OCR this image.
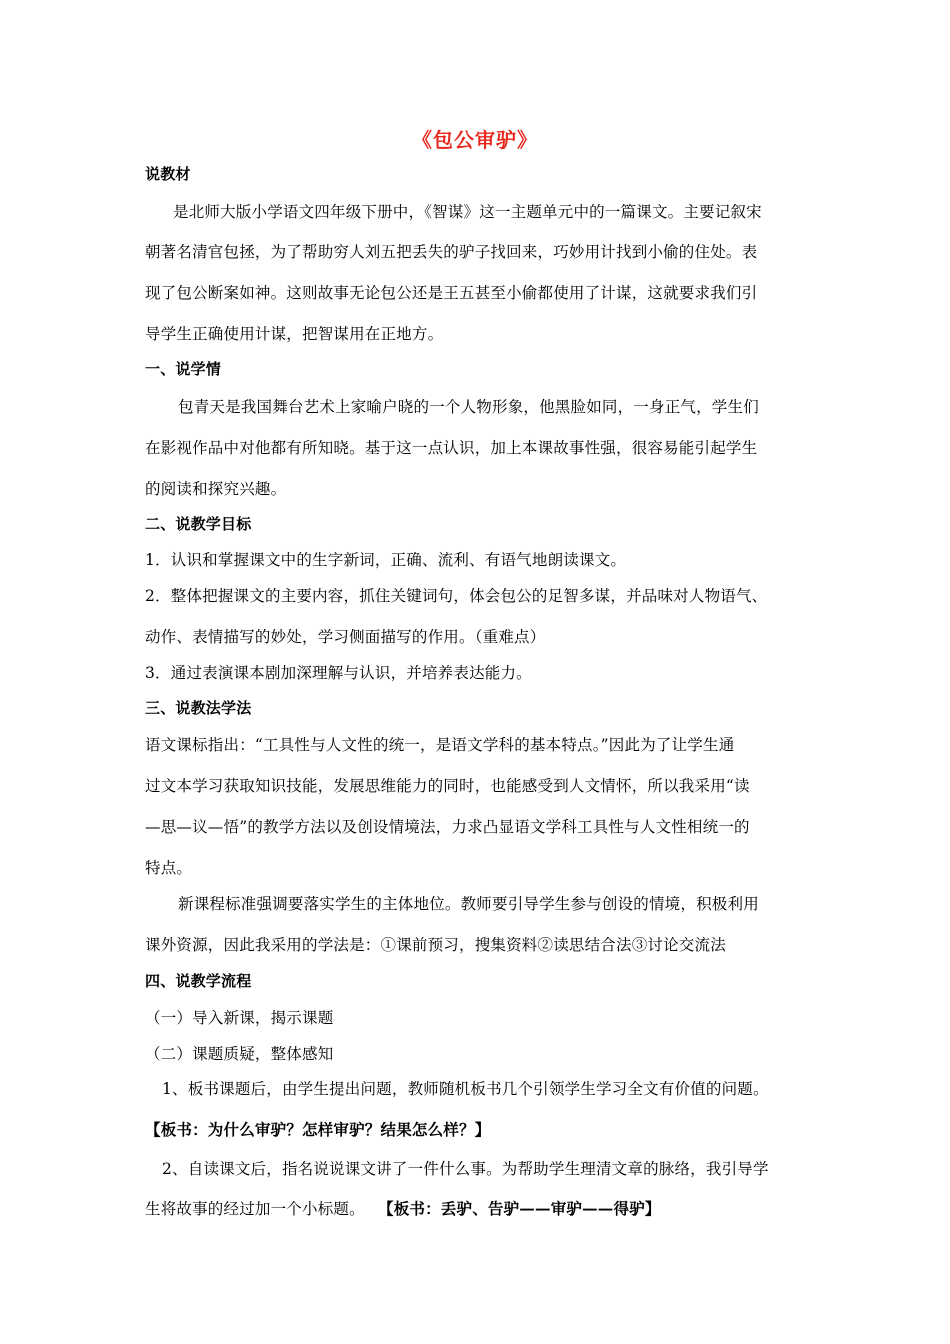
《包公审驴》
说教材
是北师大版小学语文四年级下册中，《智谋》这一主题单元中的一篇课文。主要记叙宋
朝著名清官包拯，为了帮助穷人刘五把丢失的驴子找回来，巧妙用计找到小偷的住处。表
现了包公断案如神。这则故事无论包公还是王五甚至小偷都使用了计谋，这就要求我们引
导学生正确使用计谋，把智谋用在正地方。
一、说学情
包青天是我国舞台艺术上家喻户晓的一个人物形象，他黑脸如同，一身正气，学生们
在影视作品中对他都有所知晓。基于这一点认识，加上本课故事性强，很容易能引起学生
的阅读和探究兴趣。
二、说教学目标
1．认识和掌握课文中的生字新词，正确、流利、有语气地朗读课文。
2．整体把握课文的主要内容，抓住关键词句，体会包公的足智多谋，并品味对人物语气、
动作、表情描写的妙处，学习侧面描写的作用。（重难点）
3．通过表演课本剧加深理解与认识，并培养表达能力。
三、说教法学法
语文课标指出：“工具性与人文性的统一，是语文学科的基本特点。”因此为了让学生通
过文本学习获取知识技能，发展思维能力的同时，也能感受到人文情怀，所以我采用“读
—思—议—悟”的教学方法以及创设情境法，力求凸显语文学科工具性与人文性相统一的
特点。
新课程标准强调要落实学生的主体地位。教师要引导学生参与创设的情境，积极利用
课外资源，因此我采用的学法是：①课前预习，搜集资料②读思结合法③讨论交流法
四、说教学流程
（一）导入新课，揭示课题
（二）课题质疑，整体感知
1、板书课题后，由学生提出问题，教师随机板书几个引领学生学习全文有价值的问题。
【板书：为什么审驴？怎样审驴？结果怎么样？】
2、自读课文后，指名说说课文讲了一件什么事。为帮助学生理清文章的脉络，我引导学
生将故事的经过加一个小标题。 【板书：丢驴、告驴——审驴——得驴】
